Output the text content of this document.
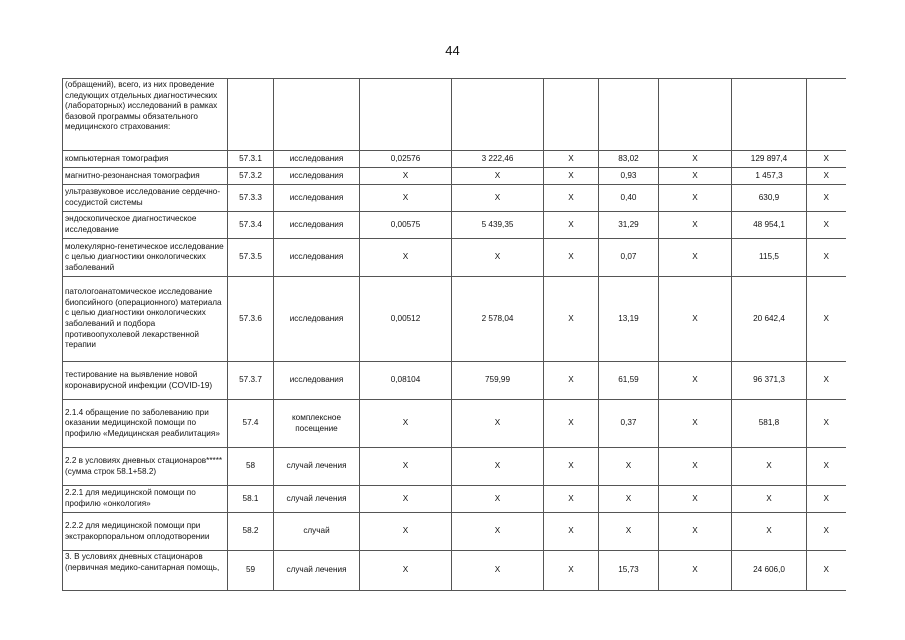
44
(обращений), всего, из них проведение следующих отдельных диагностических (лабораторных) исследований в рамках базовой программы обязательного медицинского страхования:									
компьютерная томография	57.3.1	исследования	0,02576	3 222,46	Х	83,02	Х	129 897,4	Х
магнитно-резонансная томография	57.3.2	исследования	Х	Х	Х	0,93	Х	1 457,3	Х
ультразвуковое исследование сердечно-сосудистой системы	57.3.3	исследования	Х	Х	Х	0,40	Х	630,9	Х
эндоскопическое диагностическое исследование	57.3.4	исследования	0,00575	5 439,35	Х	31,29	Х	48 954,1	Х
молекулярно-генетическое исследование с целью диагностики онкологических заболеваний	57.3.5	исследования	Х	Х	Х	0,07	Х	115,5	Х
патологоанатомическое исследование биопсийного (операционного) материала с целью диагностики онкологических заболеваний и подбора противоопухолевой лекарственной терапии	57.3.6	исследования	0,00512	2 578,04	Х	13,19	Х	20 642,4	Х
тестирование на выявление новой коронавирусной инфекции (COVID-19)	57.3.7	исследования	0,08104	759,99	Х	61,59	Х	96 371,3	Х
2.1.4 обращение по заболеванию при оказании медицинской помощи по профилю «Медицинская реабилитация»	57.4	комплексное посещение	Х	Х	Х	0,37	Х	581,8	Х
2.2 в условиях дневных стационаров***** (сумма строк 58.1+58.2)	58	случай лечения	Х	Х	Х	Х	Х	Х	Х
2.2.1 для медицинской помощи по профилю «онкология»	58.1	случай лечения	Х	Х	Х	Х	Х	Х	Х
2.2.2 для медицинской помощи при экстракорпоральном оплодотворении	58.2	случай	Х	Х	Х	Х	Х	Х	Х
3. В условиях дневных стационаров (первичная медико-санитарная помощь,	59	случай лечения	Х	Х	Х	15,73	Х	24 606,0	Х
